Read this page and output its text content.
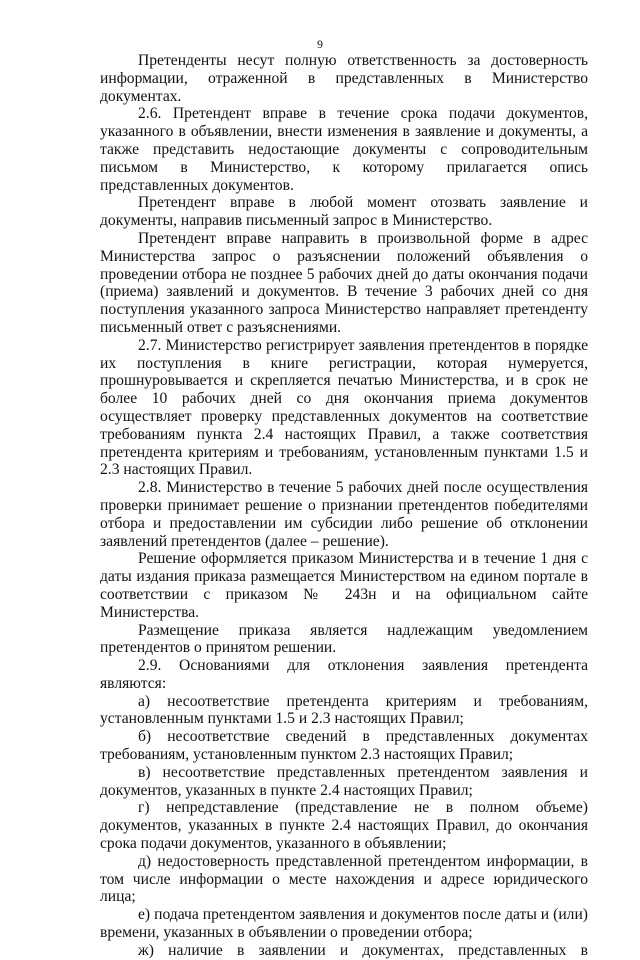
9

Претенденты несут полную ответственность за достоверность информации, отраженной в представленных в Министерство документах.

2.6. Претендент вправе в течение срока подачи документов, указанного в объявлении, внести изменения в заявление и документы, а также представить недостающие документы с сопроводительным письмом в Министерство, к которому прилагается опись представленных документов.

Претендент вправе в любой момент отозвать заявление и документы, направив письменный запрос в Министерство.

Претендент вправе направить в произвольной форме в адрес Министерства запрос о разъяснении положений объявления о проведении отбора не позднее 5 рабочих дней до даты окончания подачи (приема) заявлений и документов. В течение 3 рабочих дней со дня поступления указанного запроса Министерство направляет претенденту письменный ответ с разъяснениями.

2.7. Министерство регистрирует заявления претендентов в порядке их поступления в книге регистрации, которая нумеруется, прошнуровывается и скрепляется печатью Министерства, и в срок не более 10 рабочих дней со дня окончания приема документов осуществляет проверку представленных документов на соответствие требованиям пункта 2.4 настоящих Правил, а также соответствия претендента критериям и требованиям, установленным пунктами 1.5 и 2.3 настоящих Правил.

2.8. Министерство в течение 5 рабочих дней после осуществления проверки принимает решение о признании претендентов победителями отбора и предоставлении им субсидии либо решение об отклонении заявлений претендентов (далее – решение).

Решение оформляется приказом Министерства и в течение 1 дня с даты издания приказа размещается Министерством на едином портале в соответствии с приказом № 243н и на официальном сайте Министерства.

Размещение приказа является надлежащим уведомлением претендентов о принятом решении.

2.9. Основаниями для отклонения заявления претендента являются:

а) несоответствие претендента критериям и требованиям, установленным пунктами 1.5 и 2.3 настоящих Правил;

б) несоответствие сведений в представленных документах требованиям, установленным пунктом 2.3 настоящих Правил;

в) несоответствие представленных претендентом заявления и документов, указанных в пункте 2.4 настоящих Правил;

г) непредставление (представление не в полном объеме) документов, указанных в пункте 2.4 настоящих Правил, до окончания срока подачи документов, указанного в объявлении;

д) недостоверность представленной претендентом информации, в том числе информации о месте нахождения и адресе юридического лица;

е) подача претендентом заявления и документов после даты и (или) времени, указанных в объявлении о проведении отбора;

ж) наличие в заявлении и документах, представленных в
